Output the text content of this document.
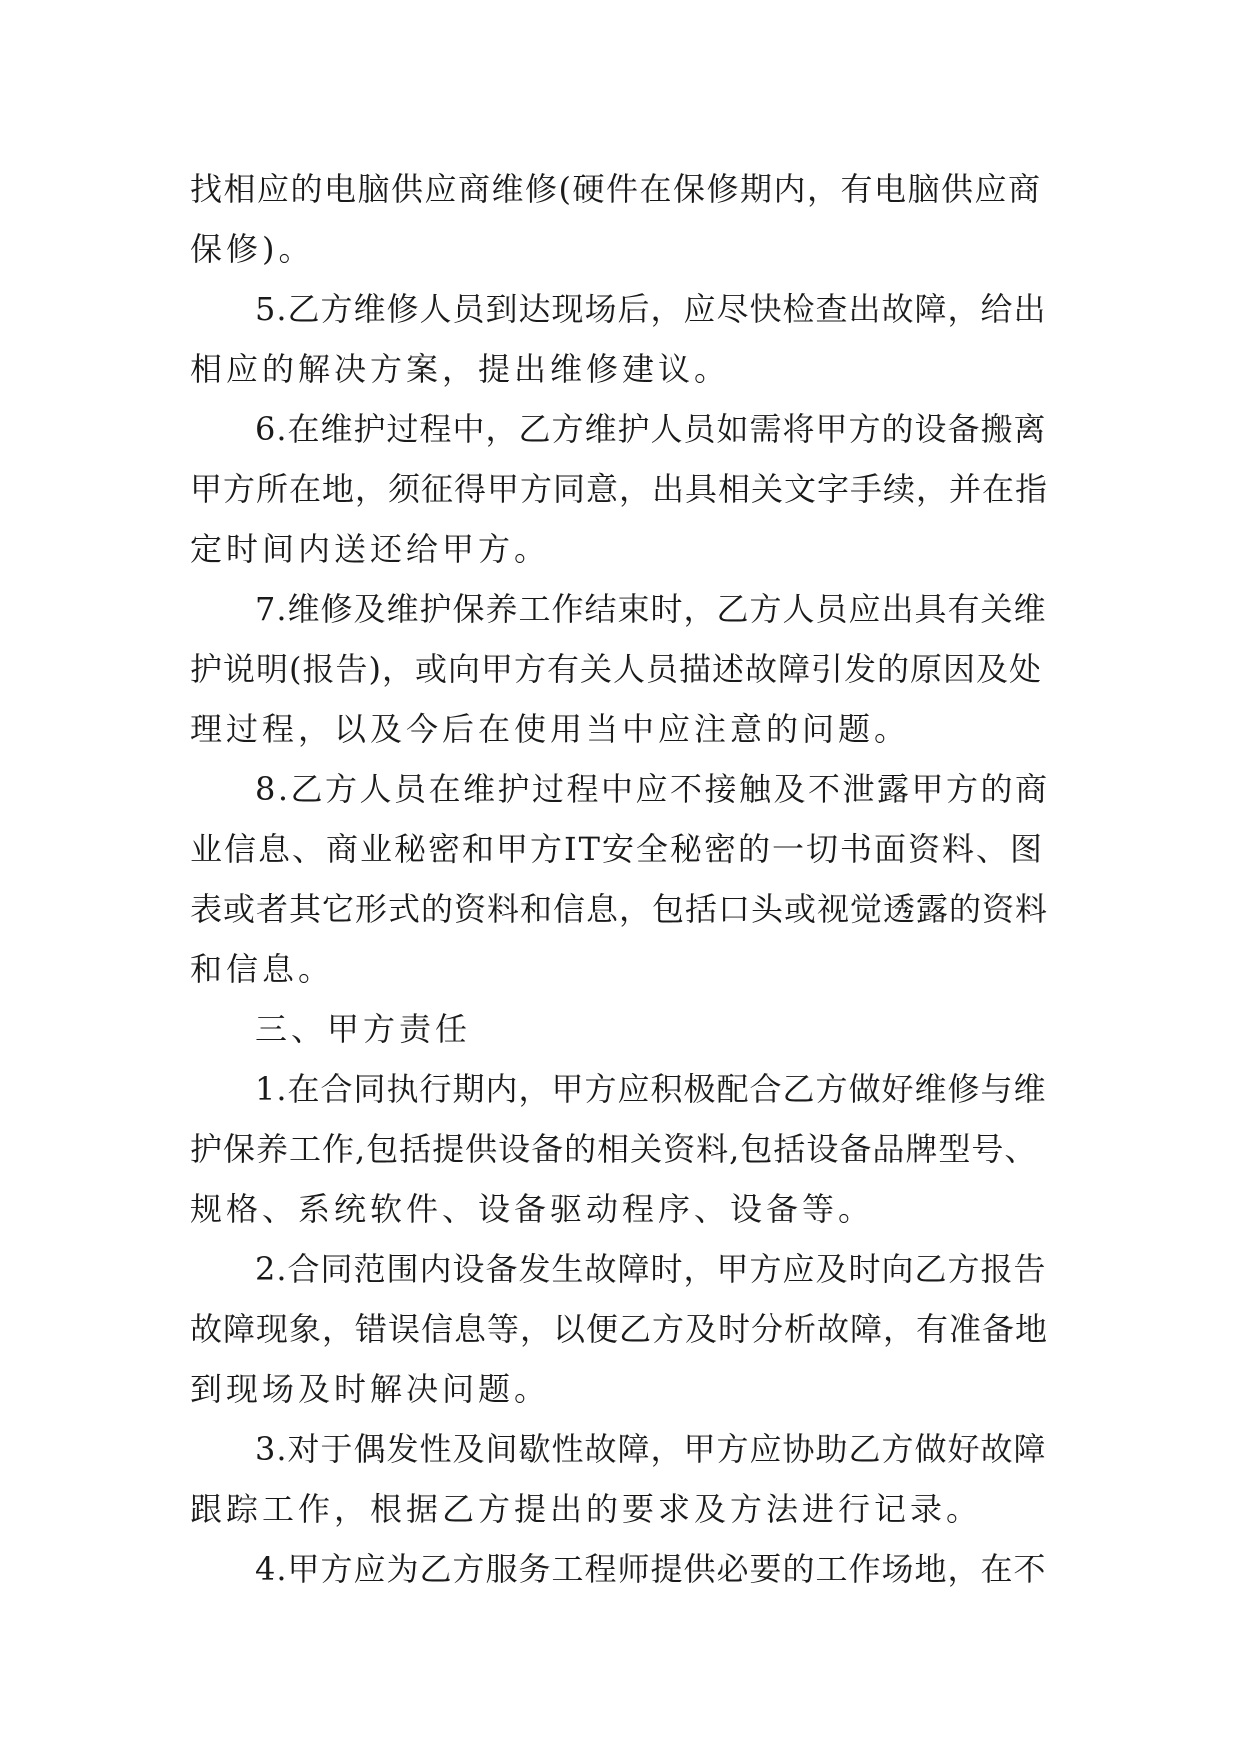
找相应的电脑供应商维修(硬件在保修期内，有电脑供应商
保修)。
5.乙方维修人员到达现场后，应尽快检查出故障，给出
相应的解决方案，提出维修建议。
6.在维护过程中，乙方维护人员如需将甲方的设备搬离
甲方所在地，须征得甲方同意，出具相关文字手续，并在指
定时间内送还给甲方。
7.维修及维护保养工作结束时，乙方人员应出具有关维
护说明(报告)，或向甲方有关人员描述故障引发的原因及处
理过程，以及今后在使用当中应注意的问题。
8.乙方人员在维护过程中应不接触及不泄露甲方的商
业信息、商业秘密和甲方IT安全秘密的一切书面资料、图
表或者其它形式的资料和信息，包括口头或视觉透露的资料
和信息。
三、甲方责任
1.在合同执行期内，甲方应积极配合乙方做好维修与维
护保养工作,包括提供设备的相关资料,包括设备品牌型号、
规格、系统软件、设备驱动程序、设备等。
2.合同范围内设备发生故障时，甲方应及时向乙方报告
故障现象，错误信息等，以便乙方及时分析故障，有准备地
到现场及时解决问题。
3.对于偶发性及间歇性故障，甲方应协助乙方做好故障
跟踪工作，根据乙方提出的要求及方法进行记录。
4.甲方应为乙方服务工程师提供必要的工作场地，在不
